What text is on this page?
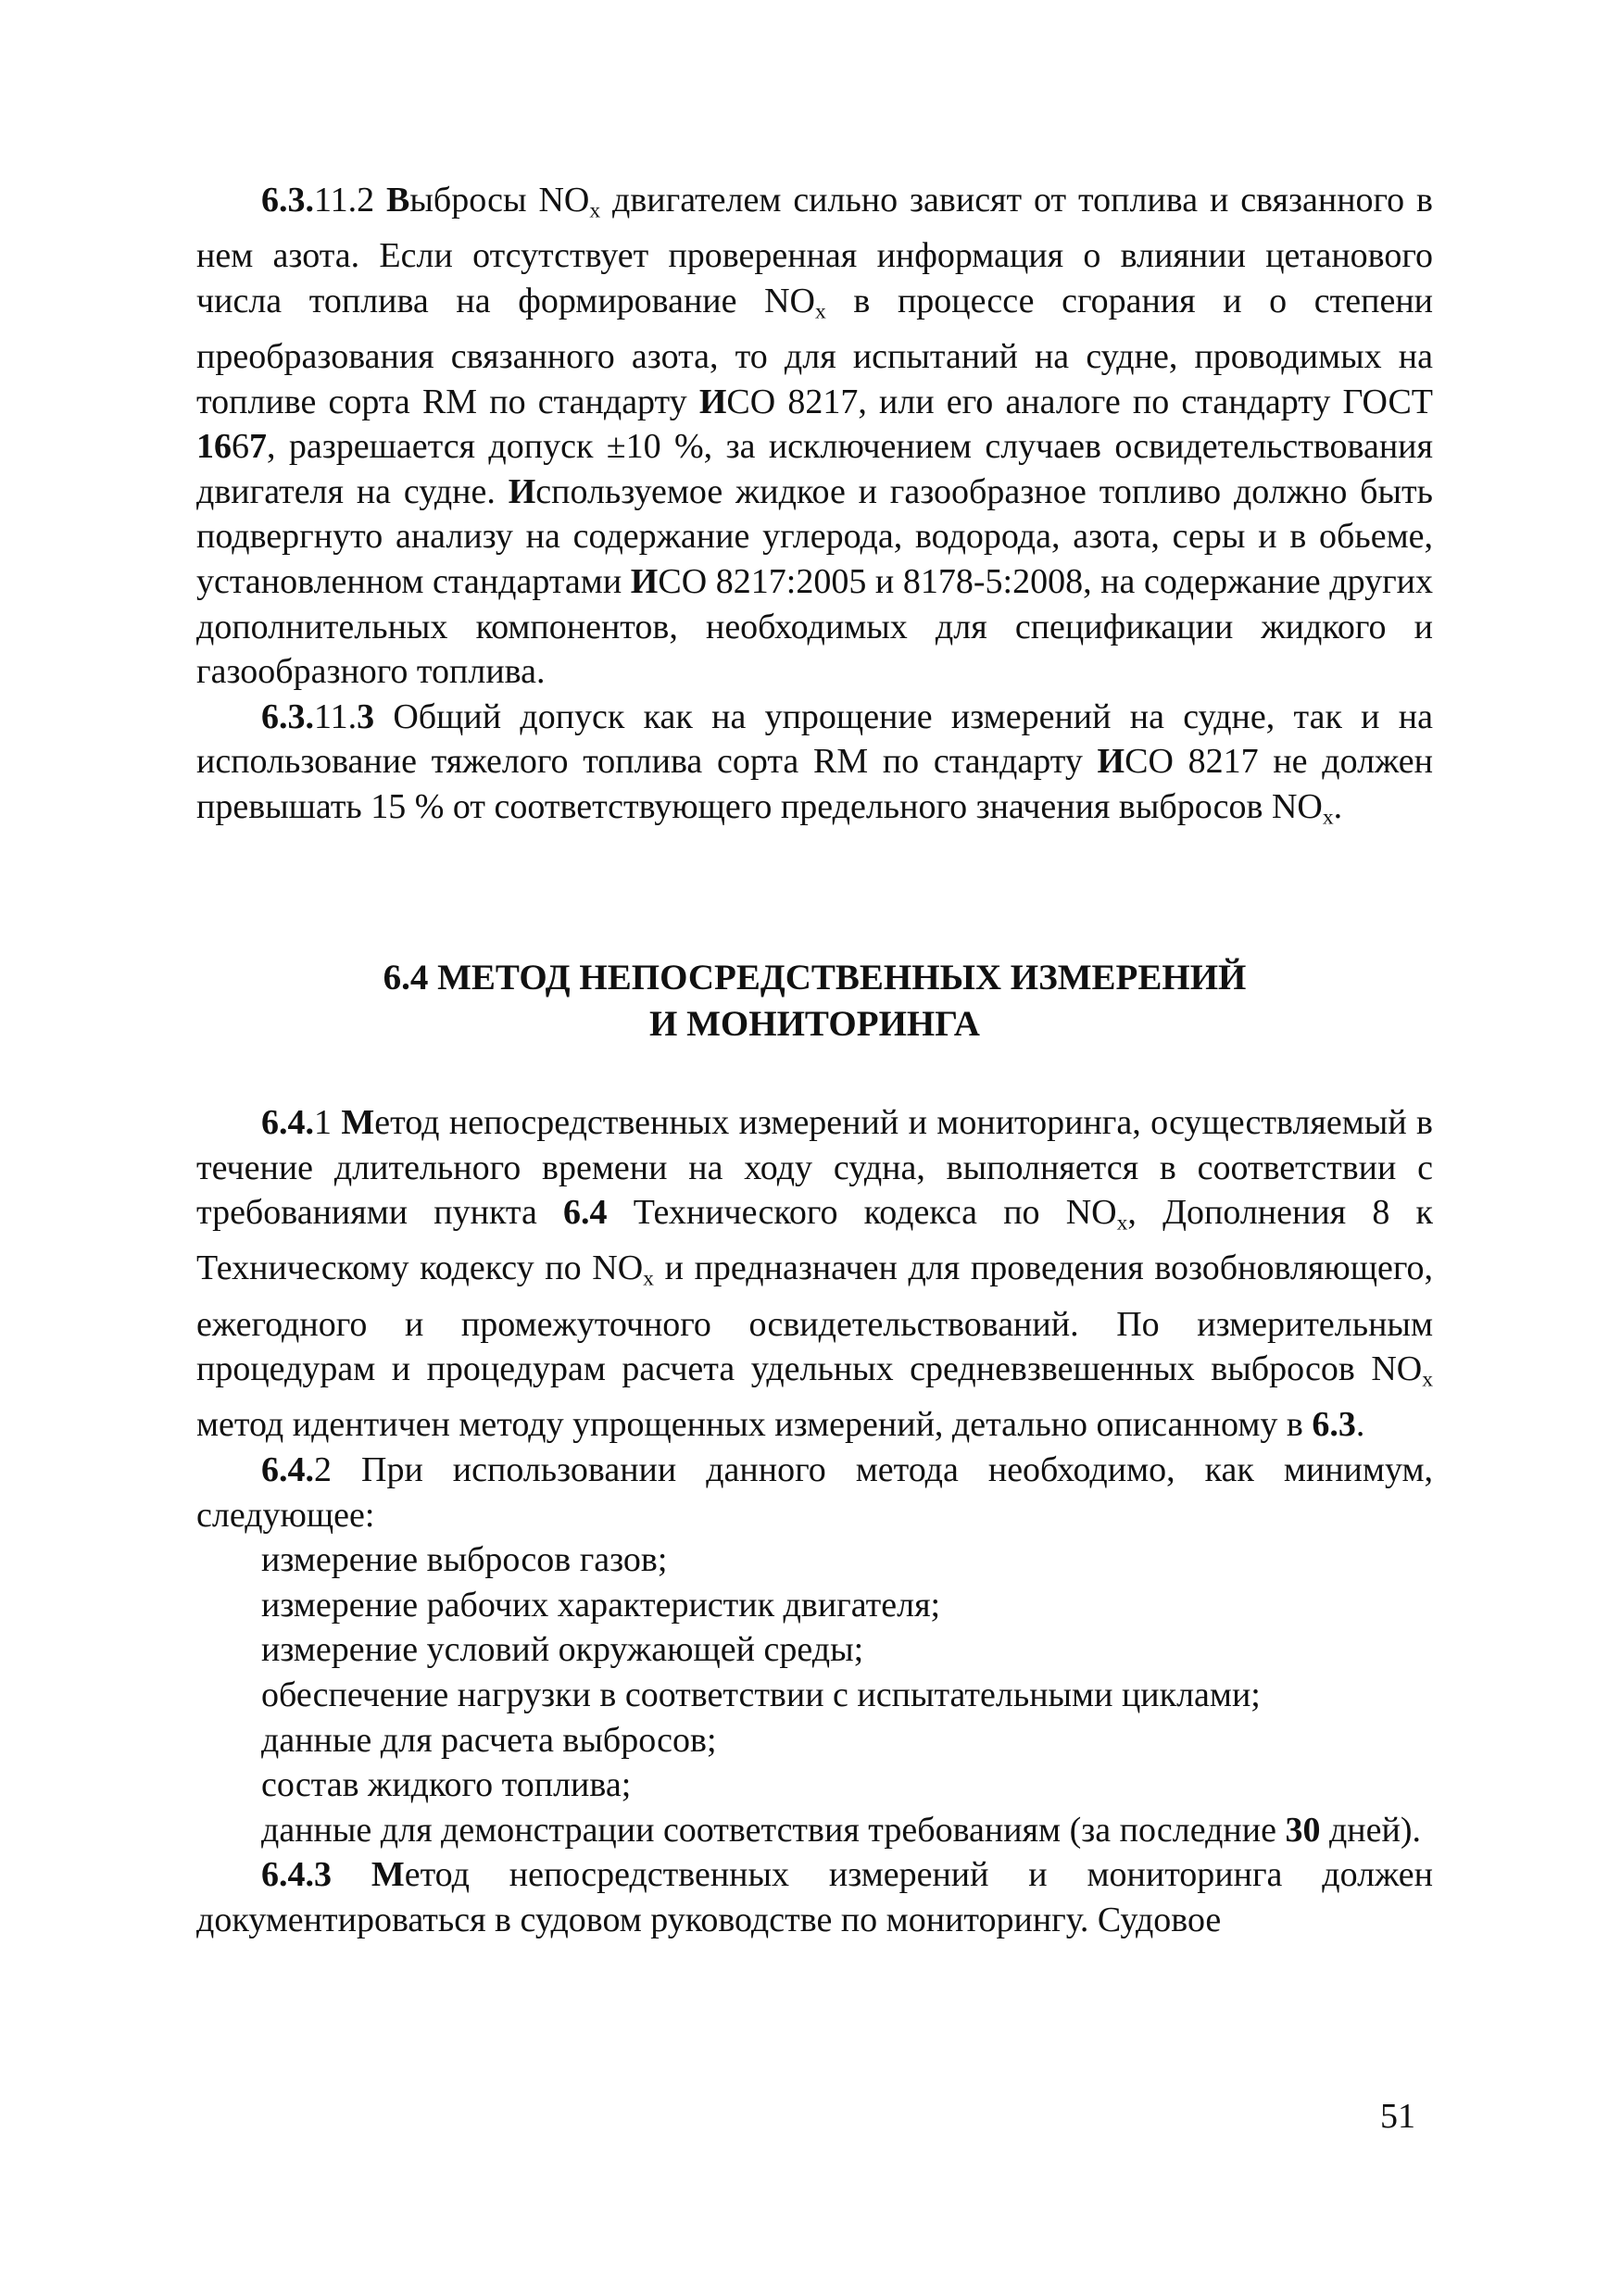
6.3.11.2 Выбросы $NO_x$ двигателем сильно зависят от топлива и связанного в нем азота. Если отсутствует проверенная информация о влиянии цетанового числа топлива на формирование $NO_x$ в процессе сгорания и о степени преобразования связанного азота, то для испытаний на судне, проводимых на топливе сорта RM по стандарту ИСО 8217, или его аналоге по стандарту ГОСТ 1667, разрешается допуск ±10 %, за исключением случаев освидетельствования двигателя на судне. Используемое жидкое и газообразное топливо должно быть подвергнуто анализу на содержание углерода, водорода, азота, серы и в обьеме, установленном стандартами ИСО 8217:2005 и 8178-5:2008, на содержание других дополнительных компонентов, необходимых для спецификации жидкого и газообразного топлива.

6.3.11.3 Общий допуск как на упрощение измерений на судне, так и на использование тяжелого топлива сорта RM по стандарту ИСО 8217 не должен превышать 15 % от соответствующего предельного значения выбросов $NO_x$.

6.4 МЕТОД НЕПОСРЕДСТВЕННЫХ ИЗМЕРЕНИЙ
И МОНИТОРИНГА

6.4.1 Метод непосредственных измерений и мониторинга, осуществляемый в течение длительного времени на ходу судна, выполняется в соответствии с требованиями пункта 6.4 Технического кодекса по $NO_x$, Дополнения 8 к Техническому кодексу по $NO_x$ и предназначен для проведения возобновляющего, ежегодного и промежуточного освидетельствований. По измерительным процедурам и процедурам расчета удельных средневзвешенных выбросов $NO_x$ метод идентичен методу упрощенных измерений, детально описанному в 6.3.

6.4.2 При использовании данного метода необходимо, как минимум, следующее:

измерение выбросов газов;

измерение рабочих характеристик двигателя;

измерение условий окружающей среды;

обеспечение нагрузки в соответствии с испытательными циклами;

данные для расчета выбросов;

состав жидкого топлива;

данные для демонстрации соответствия требованиям (за последние 30 дней).

6.4.3 Метод непосредственных измерений и мониторинга должен документироваться в судовом руководстве по мониторингу. Судовое

51
